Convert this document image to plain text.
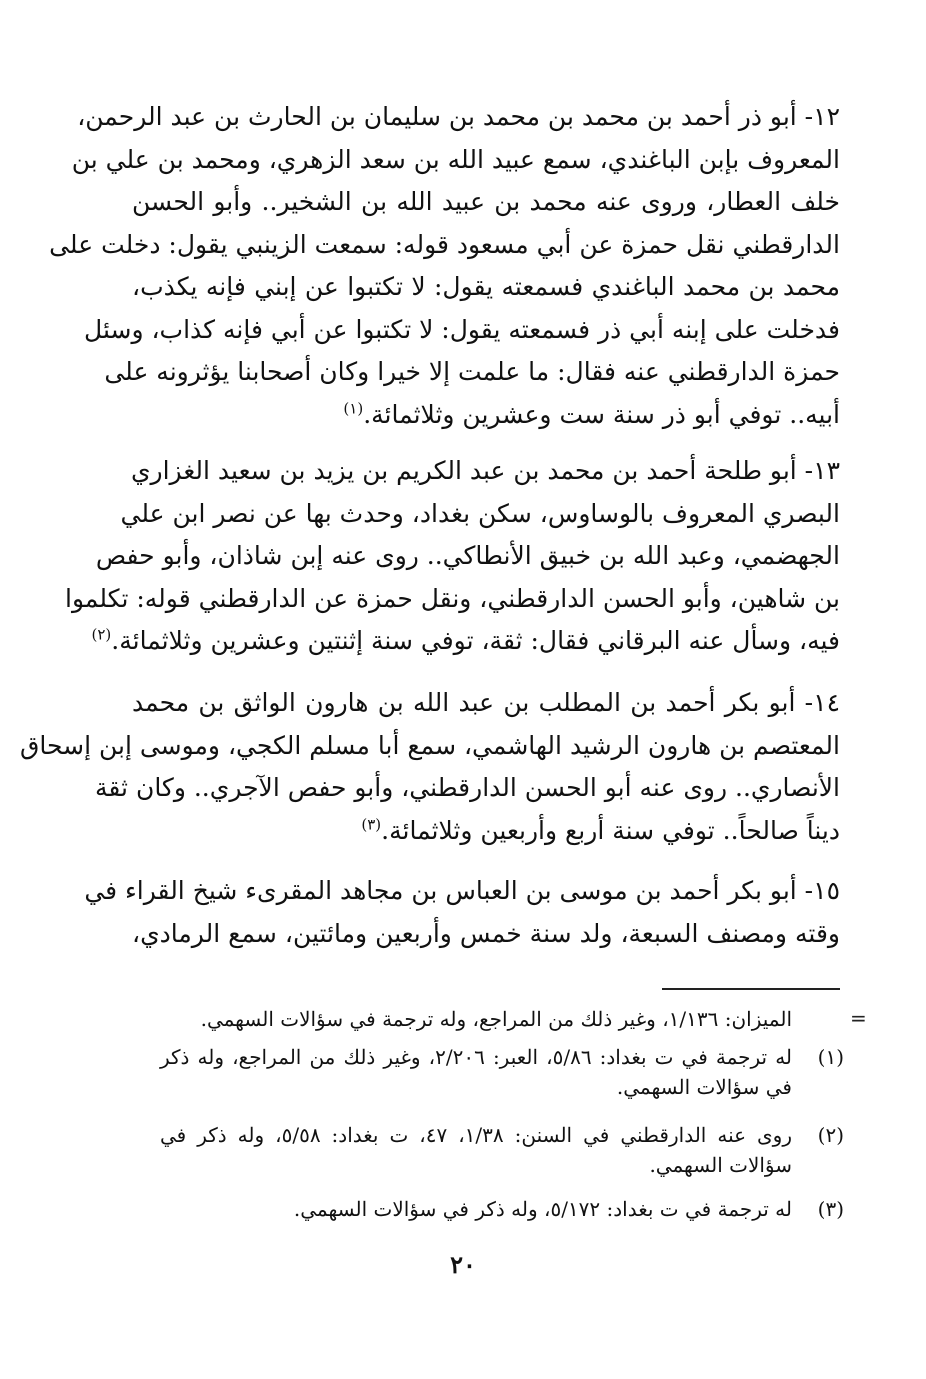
١٢- أبو ذر أحمد بن محمد بن محمد بن سليمان بن الحارث بن عبد الرحمن،
المعروف بإبن الباغندي، سمع عبيد الله بن سعد الزهري، ومحمد بن علي بن
خلف العطار، وروى عنه محمد بن عبيد الله بن الشخير.. وأبو الحسن
الدارقطني نقل حمزة عن أبي مسعود قوله: سمعت الزينبي يقول: دخلت على
محمد بن محمد الباغندي فسمعته يقول: لا تكتبوا عن إبني فإنه يكذب،
فدخلت على إبنه أبي ذر فسمعته يقول: لا تكتبوا عن أبي فإنه كذاب، وسئل
حمزة الدارقطني عنه فقال: ما علمت إلا خيرا وكان أصحابنا يؤثرونه على
أبيه.. توفي أبو ذر سنة ست وعشرين وثلاثمائة.$^{(١)}$
١٣- أبو طلحة أحمد بن محمد بن عبد الكريم بن يزيد بن سعيد الغزاري
البصري المعروف بالوساوس، سكن بغداد، وحدث بها عن نصر ابن علي
الجهضمي، وعبد الله بن خبيق الأنطاكي.. روى عنه إبن شاذان، وأبو حفص
بن شاهين، وأبو الحسن الدارقطني، ونقل حمزة عن الدارقطني قوله: تكلموا
فيه، وسأل عنه البرقاني فقال: ثقة، توفي سنة إثنتين وعشرين وثلاثمائة.$^{(٢)}$
١٤- أبو بكر أحمد بن المطلب بن عبد الله بن هارون الواثق بن محمد
المعتصم بن هارون الرشيد الهاشمي، سمع أبا مسلم الكجي، وموسى إبن إسحاق
الأنصاري.. روى عنه أبو الحسن الدارقطني، وأبو حفص الآجري.. وكان ثقة
ديناً صالحاً.. توفي سنة أربع وأربعين وثلاثمائة.$^{(٣)}$
١٥- أبو بكر أحمد بن موسى بن العباس بن مجاهد المقرىء شيخ القراء في
وقته ومصنف السبعة، ولد سنة خمس وأربعين ومائتين، سمع الرمادي،
=
الميزان: ١/١٣٦، وغير ذلك من المراجع، وله ترجمة في سؤالات السهمي.
(١)
له ترجمة في ت بغداد: ٥/٨٦، العبر: ٢/٢٠٦، وغير ذلك من المراجع، وله ذكر
في سؤالات السهمي.
(٢)
روى عنه الدارقطني في السنن: ١/٣٨، ٤٧، ت بغداد: ٥/٥٨، وله ذكر في
سؤالات السهمي.
(٣)
له ترجمة في ت بغداد: ٥/١٧٢، وله ذكر في سؤالات السهمي.
٢٠
